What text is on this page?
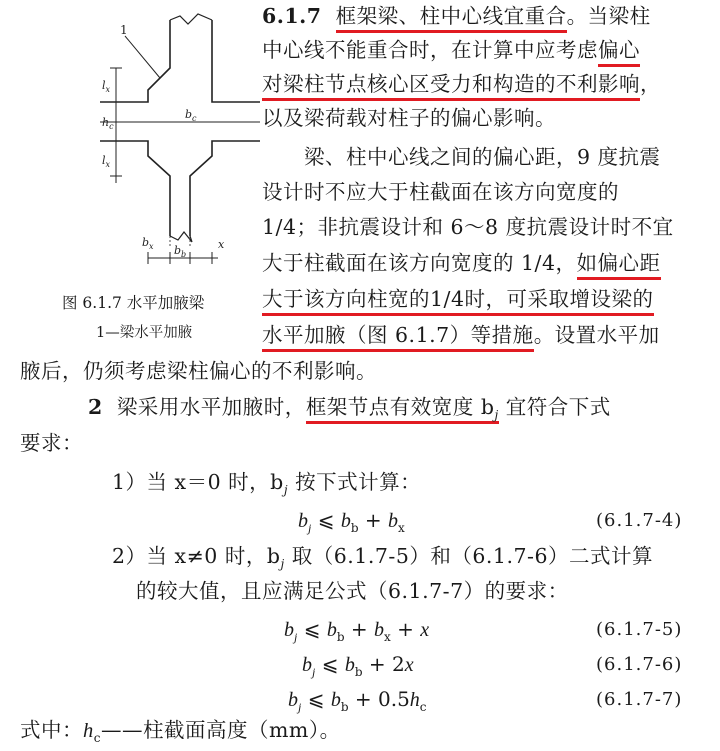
1
$l_x$
$h_c$
$l_x$
$b_c$
$b_x$ $b_b$
x
图 6.1.7 水平加腋梁
1—梁水平加腋
6.1.7 框架梁、柱中心线宜重合。当梁柱
中心线不能重合时，在计算中应考虑偏心
对梁柱节点核心区受力和构造的不利影响，
以及梁荷载对柱子的偏心影响。
梁、柱中心线之间的偏心距，9 度抗震
设计时不应大于柱截面在该方向宽度的
1/4；非抗震设计和 6～8 度抗震设计时不宜
大于柱截面在该方向宽度的 1/4，如偏心距
大于该方向柱宽的1/4时，可采取增设梁的
水平加腋（图 6.1.7）等措施。设置水平加
腋后，仍须考虑梁柱偏心的不利影响。
2 梁采用水平加腋时，框架节点有效宽度 $b_j$ 宜符合下式
要求：
1）当 x＝0 时，$b_j$ 按下式计算：
$b_j$ ⩽ $b_b + b_x$	(6.1.7-4)
2）当 x≠0 时，$b_j$ 取（6.1.7-5）和（6.1.7-6）二式计算
的较大值，且应满足公式（6.1.7-7）的要求：
$b_j$ ⩽ $b_b + b_x + x$	(6.1.7-5)
$b_j$ ⩽ $b_b + 2x$	(6.1.7-6)
$b_j$ ⩽ $b_b + 0.5h_c$	(6.1.7-7)
式中：$h_c——$柱截面高度（mm）。
